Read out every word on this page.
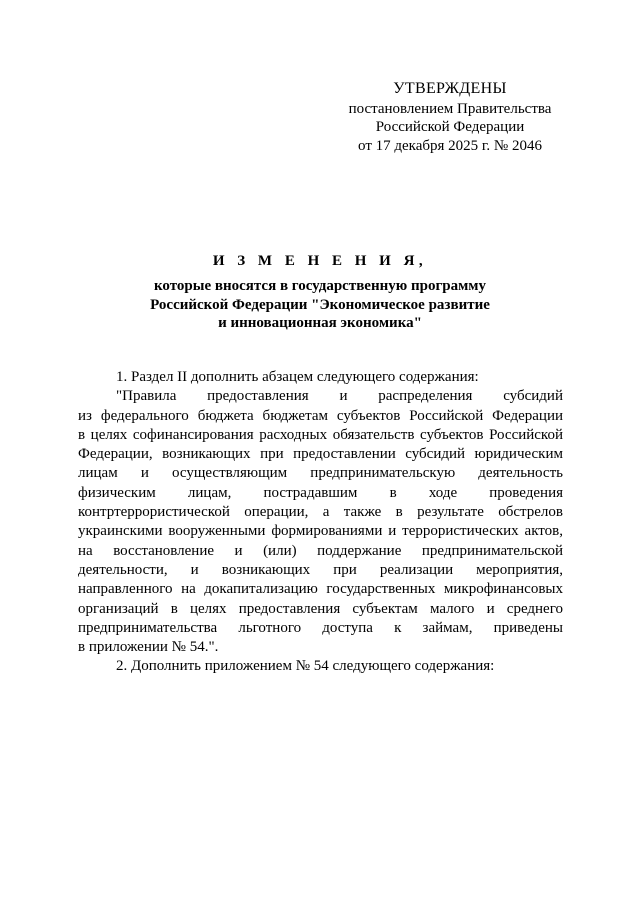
УТВЕРЖДЕНЫ
постановлением Правительства
Российской Федерации
от 17 декабря 2025 г. № 2046
И З М Е Н Е Н И Я,
которые вносятся в государственную программу
Российской Федерации "Экономическое развитие
и инновационная экономика"

1. Раздел II дополнить абзацем следующего содержания:

"Правила предоставления и распределения субсидий
из федерального бюджета бюджетам субъектов Российской Федерации
в целях софинансирования расходных обязательств субъектов Российской
Федерации, возникающих при предоставлении субсидий юридическим
лицам и осуществляющим предпринимательскую деятельность
физическим лицам, пострадавшим в ходе проведения
контртеррористической операции, а также в результате обстрелов
украинскими вооруженными формированиями и террористических актов,
на восстановление и (или) поддержание предпринимательской
деятельности, и возникающих при реализации мероприятия,
направленного на докапитализацию государственных микрофинансовых
организаций в целях предоставления субъектам малого и среднего
предпринимательства льготного доступа к займам, приведены
в приложении № 54.".

2. Дополнить приложением № 54 следующего содержания:
